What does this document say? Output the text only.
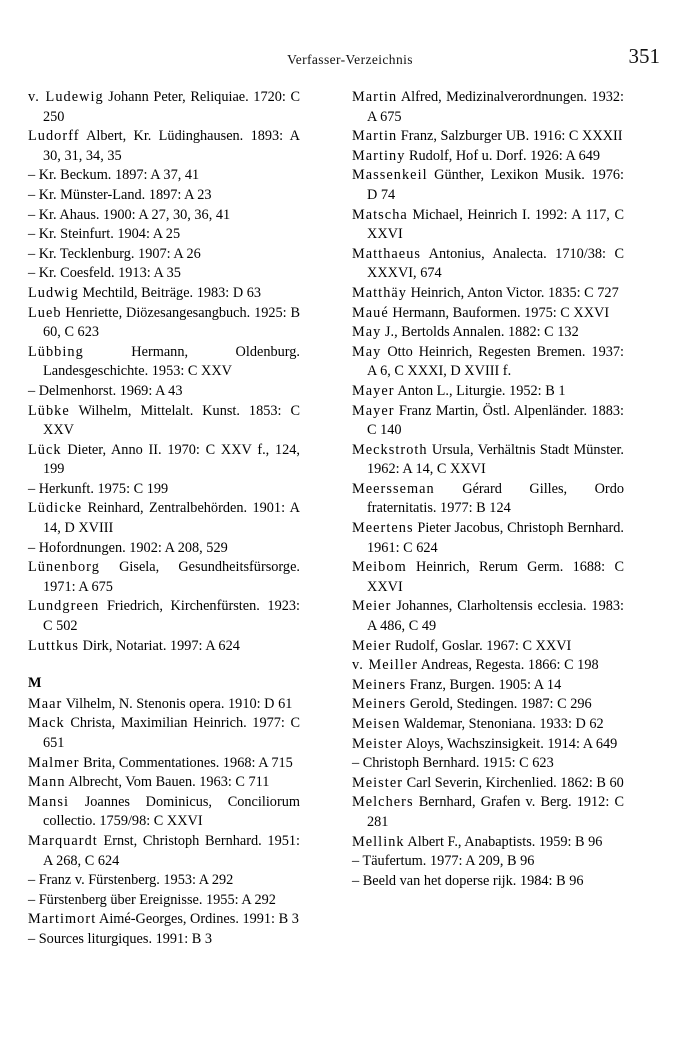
Verfasser-Verzeichnis	351

v. Ludewig Johann Peter, Reliquiae. 1720: C 250

Ludorff Albert, Kr. Lüdinghausen. 1893: A 30, 31, 34, 35

– Kr. Beckum. 1897: A 37, 41

– Kr. Münster-Land. 1897: A 23

– Kr. Ahaus. 1900: A 27, 30, 36, 41

– Kr. Steinfurt. 1904: A 25

– Kr. Tecklenburg. 1907: A 26

– Kr. Coesfeld. 1913: A 35

Ludwig Mechtild, Beiträge. 1983: D 63

Lueb Henriette, Diözesangesangbuch. 1925: B 60, C 623

Lübbing Hermann, Oldenburg. Landesgeschichte. 1953: C XXV

– Delmenhorst. 1969: A 43

Lübke Wilhelm, Mittelalt. Kunst. 1853: C XXV

Lück Dieter, Anno II. 1970: C XXV f., 124, 199

– Herkunft. 1975: C 199

Lüdicke Reinhard, Zentralbehörden. 1901: A 14, D XVIII

– Hofordnungen. 1902: A 208, 529

Lünenborg Gisela, Gesundheitsfürsorge. 1971: A 675

Lundgreen Friedrich, Kirchenfürsten. 1923: C 502

Luttkus Dirk, Notariat. 1997: A 624

M

Maar Vilhelm, N. Stenonis opera. 1910: D 61

Mack Christa, Maximilian Heinrich. 1977: C 651

Malmer Brita, Commentationes. 1968: A 715

Mann Albrecht, Vom Bauen. 1963: C 711

Mansi Joannes Dominicus, Conciliorum collectio. 1759/98: C XXVI

Marquardt Ernst, Christoph Bernhard. 1951: A 268, C 624

– Franz v. Fürstenberg. 1953: A 292

– Fürstenberg über Ereignisse. 1955: A 292

Martimort Aimé-Georges, Ordines. 1991: B 3

– Sources liturgiques. 1991: B 3

Martin Alfred, Medizinalverordnungen. 1932: A 675

Martin Franz, Salzburger UB. 1916: C XXXII

Martiny Rudolf, Hof u. Dorf. 1926: A 649

Massenkeil Günther, Lexikon Musik. 1976: D 74

Matscha Michael, Heinrich I. 1992: A 117, C XXVI

Matthaeus Antonius, Analecta. 1710/38: C XXXVI, 674

Matthäy Heinrich, Anton Victor. 1835: C 727

Maué Hermann, Bauformen. 1975: C XXVI

May J., Bertolds Annalen. 1882: C 132

May Otto Heinrich, Regesten Bremen. 1937: A 6, C XXXI, D XVIII f.

Mayer Anton L., Liturgie. 1952: B 1

Mayer Franz Martin, Östl. Alpenländer. 1883: C 140

Meckstroth Ursula, Verhältnis Stadt Münster. 1962: A 14, C XXVI

Meersseman Gérard Gilles, Ordo fraternitatis. 1977: B 124

Meertens Pieter Jacobus, Christoph Bernhard. 1961: C 624

Meibom Heinrich, Rerum Germ. 1688: C XXVI

Meier Johannes, Clarholtensis ecclesia. 1983: A 486, C 49

Meier Rudolf, Goslar. 1967: C XXVI

v. Meiller Andreas, Regesta. 1866: C 198

Meiners Franz, Burgen. 1905: A 14

Meiners Gerold, Stedingen. 1987: C 296

Meisen Waldemar, Stenoniana. 1933: D 62

Meister Aloys, Wachszinsigkeit. 1914: A 649

– Christoph Bernhard. 1915: C 623

Meister Carl Severin, Kirchenlied. 1862: B 60

Melchers Bernhard, Grafen v. Berg. 1912: C 281

Mellink Albert F., Anabaptists. 1959: B 96

– Täufertum. 1977: A 209, B 96

– Beeld van het doperse rijk. 1984: B 96
